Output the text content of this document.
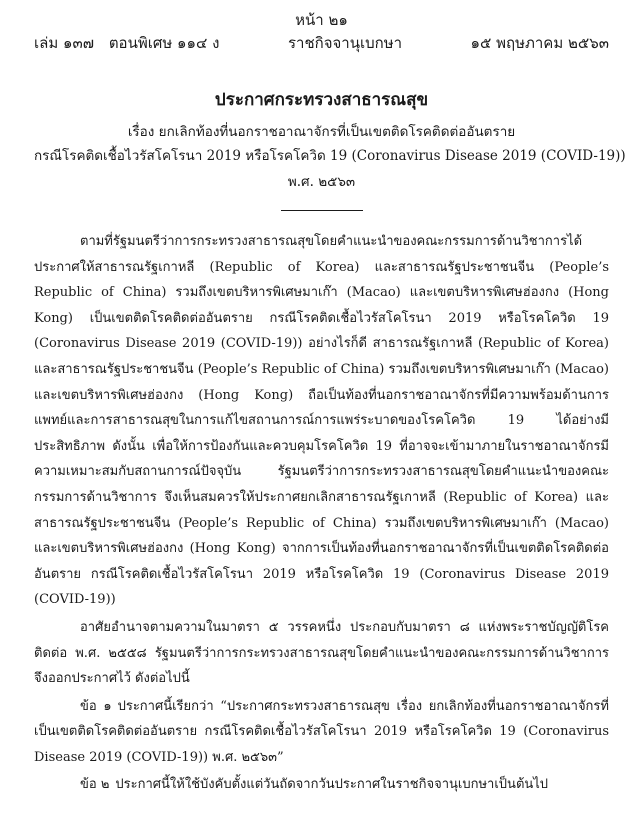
หน้า ๒๑
เล่ม ๑๓๗ ตอนพิเศษ ๑๑๔ ง	ราชกิจจานุเบกษา	๑๕ พฤษภาคม ๒๕๖๓
ประกาศกระทรวงสาธารณสุข

เรื่อง ยกเลิกท้องที่นอกราชอาณาจักรที่เป็นเขตติดโรคติดต่ออันตราย
กรณีโรคติดเชื้อไวรัสโคโรนา 2019 หรือโรคโควิด 19 (Coronavirus Disease 2019 (COVID-19))

พ.ศ. ๒๕๖๓

ตามที่รัฐมนตรีว่าการกระทรวงสาธารณสุขโดยคำแนะนำของคณะกรรมการด้านวิชาการได้ประกาศให้สาธารณรัฐเกาหลี (Republic of Korea) และสาธารณรัฐประชาชนจีน (People’s Republic of China) รวมถึงเขตบริหารพิเศษมาเก๊า (Macao) และเขตบริหารพิเศษฮ่องกง (Hong Kong) เป็นเขตติดโรคติดต่ออันตราย กรณีโรคติดเชื้อไวรัสโคโรนา 2019 หรือโรคโควิด 19 (Coronavirus Disease 2019 (COVID-19)) อย่างไรก็ดี สาธารณรัฐเกาหลี (Republic of Korea) และสาธารณรัฐประชาชนจีน (People’s Republic of China) รวมถึงเขตบริหารพิเศษมาเก๊า (Macao) และเขตบริหารพิเศษฮ่องกง (Hong Kong) ถือเป็นท้องที่นอกราชอาณาจักรที่มีความพร้อมด้านการแพทย์และการสาธารณสุขในการแก้ไขสถานการณ์การแพร่ระบาดของโรคโควิด 19 ได้อย่างมีประสิทธิภาพ ดังนั้น เพื่อให้การป้องกันและควบคุมโรคโควิด 19 ที่อาจจะเข้ามาภายในราชอาณาจักรมีความเหมาะสมกับสถานการณ์ปัจจุบัน รัฐมนตรีว่าการกระทรวงสาธารณสุขโดยคำแนะนำของคณะกรรมการด้านวิชาการ จึงเห็นสมควรให้ประกาศยกเลิกสาธารณรัฐเกาหลี (Republic of Korea) และสาธารณรัฐประชาชนจีน (People’s Republic of China) รวมถึงเขตบริหารพิเศษมาเก๊า (Macao) และเขตบริหารพิเศษฮ่องกง (Hong Kong) จากการเป็นท้องที่นอกราชอาณาจักรที่เป็นเขตติดโรคติดต่ออันตราย กรณีโรคติดเชื้อไวรัสโคโรนา 2019 หรือโรคโควิด 19 (Coronavirus Disease 2019 (COVID-19))

อาศัยอำนาจตามความในมาตรา ๕ วรรคหนึ่ง ประกอบกับมาตรา ๘ แห่งพระราชบัญญัติโรคติดต่อ พ.ศ. ๒๕๕๘ รัฐมนตรีว่าการกระทรวงสาธารณสุขโดยคำแนะนำของคณะกรรมการด้านวิชาการ จึงออกประกาศไว้ ดังต่อไปนี้

ข้อ ๑ ประกาศนี้เรียกว่า “ประกาศกระทรวงสาธารณสุข เรื่อง ยกเลิกท้องที่นอกราชอาณาจักรที่เป็นเขตติดโรคติดต่ออันตราย กรณีโรคติดเชื้อไวรัสโคโรนา 2019 หรือโรคโควิด 19 (Coronavirus Disease 2019 (COVID-19)) พ.ศ. ๒๕๖๓”

ข้อ ๒ ประกาศนี้ให้ใช้บังคับตั้งแต่วันถัดจากวันประกาศในราชกิจจานุเบกษาเป็นต้นไป
